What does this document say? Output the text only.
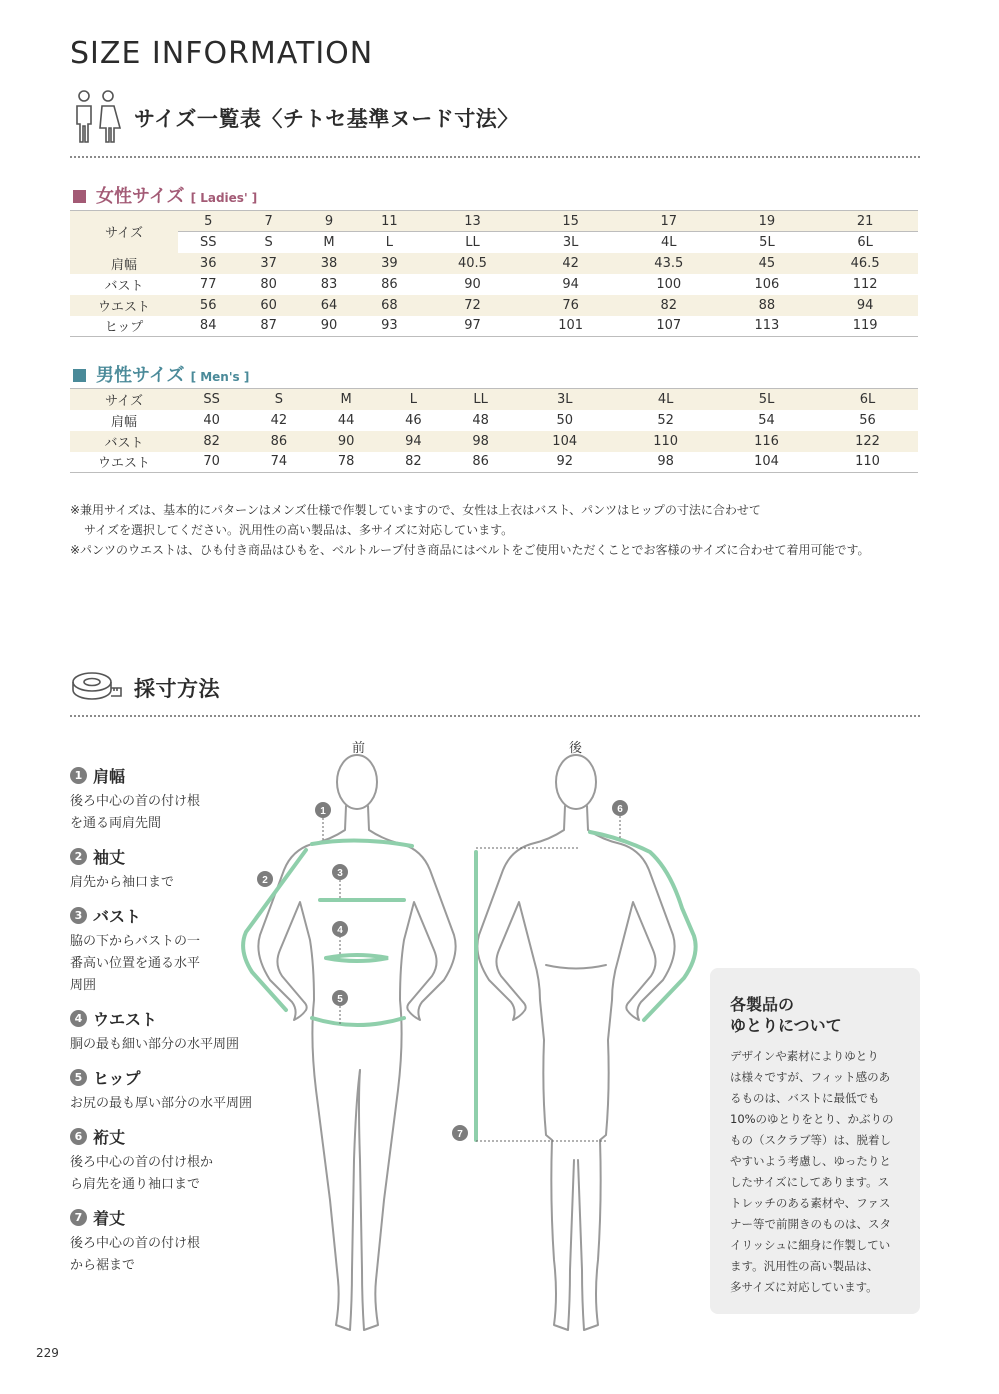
SIZE INFORMATION
サイズ一覧表〈チトセ基準ヌード寸法〉
女性サイズ [ Ladies' ]
サイズ	5	7	9	11	13	15	17	19	21
	SS	S	M	L	LL	3L	4L	5L	6L
肩幅	36	37	38	39	40.5	42	43.5	45	46.5
バスト	77	80	83	86	90	94	100	106	112
ウエスト	56	60	64	68	72	76	82	88	94
ヒップ	84	87	90	93	97	101	107	113	119
男性サイズ [ Men's ]
サイズ	SS	S	M	L	LL	3L	4L	5L	6L
肩幅	40	42	44	46	48	50	52	54	56
バスト	82	86	90	94	98	104	110	116	122
ウエスト	70	74	78	82	86	92	98	104	110
※兼用サイズは、基本的にパターンはメンズ仕様で作製していますので、女性は上衣はバスト、パンツはヒップの寸法に合わせて
サイズを選択してください。汎用性の高い製品は、多サイズに対応しています。
※パンツのウエストは、ひも付き商品はひもを、ベルトループ付き商品にはベルトをご使用いただくことでお客様のサイズに合わせて着用可能です。
採寸方法
1 肩幅
後ろ中心の首の付け根
を通る両肩先間
2 袖丈
肩先から袖口まで
3 バスト
脇の下からバストの一
番高い位置を通る水平
周囲
4 ウエスト
胴の最も細い部分の水平周囲
5 ヒップ
お尻の最も厚い部分の水平周囲
6 裄丈
後ろ中心の首の付け根か
ら肩先を通り袖口まで
7 着丈
後ろ中心の首の付け根
から裾まで
前	後
1
2
3
4
5
6
7
各製品の
ゆとりについて
デザインや素材によりゆとり
は様々ですが、フィット感のあ
るものは、バストに最低でも
10%のゆとりをとり、かぶりの
もの（スクラブ等）は、脱着し
やすいよう考慮し、ゆったりと
したサイズにしてあります。ス
トレッチのある素材や、ファス
ナー等で前開きのものは、スタ
イリッシュに細身に作製してい
ます。汎用性の高い製品は、
多サイズに対応しています。
229
